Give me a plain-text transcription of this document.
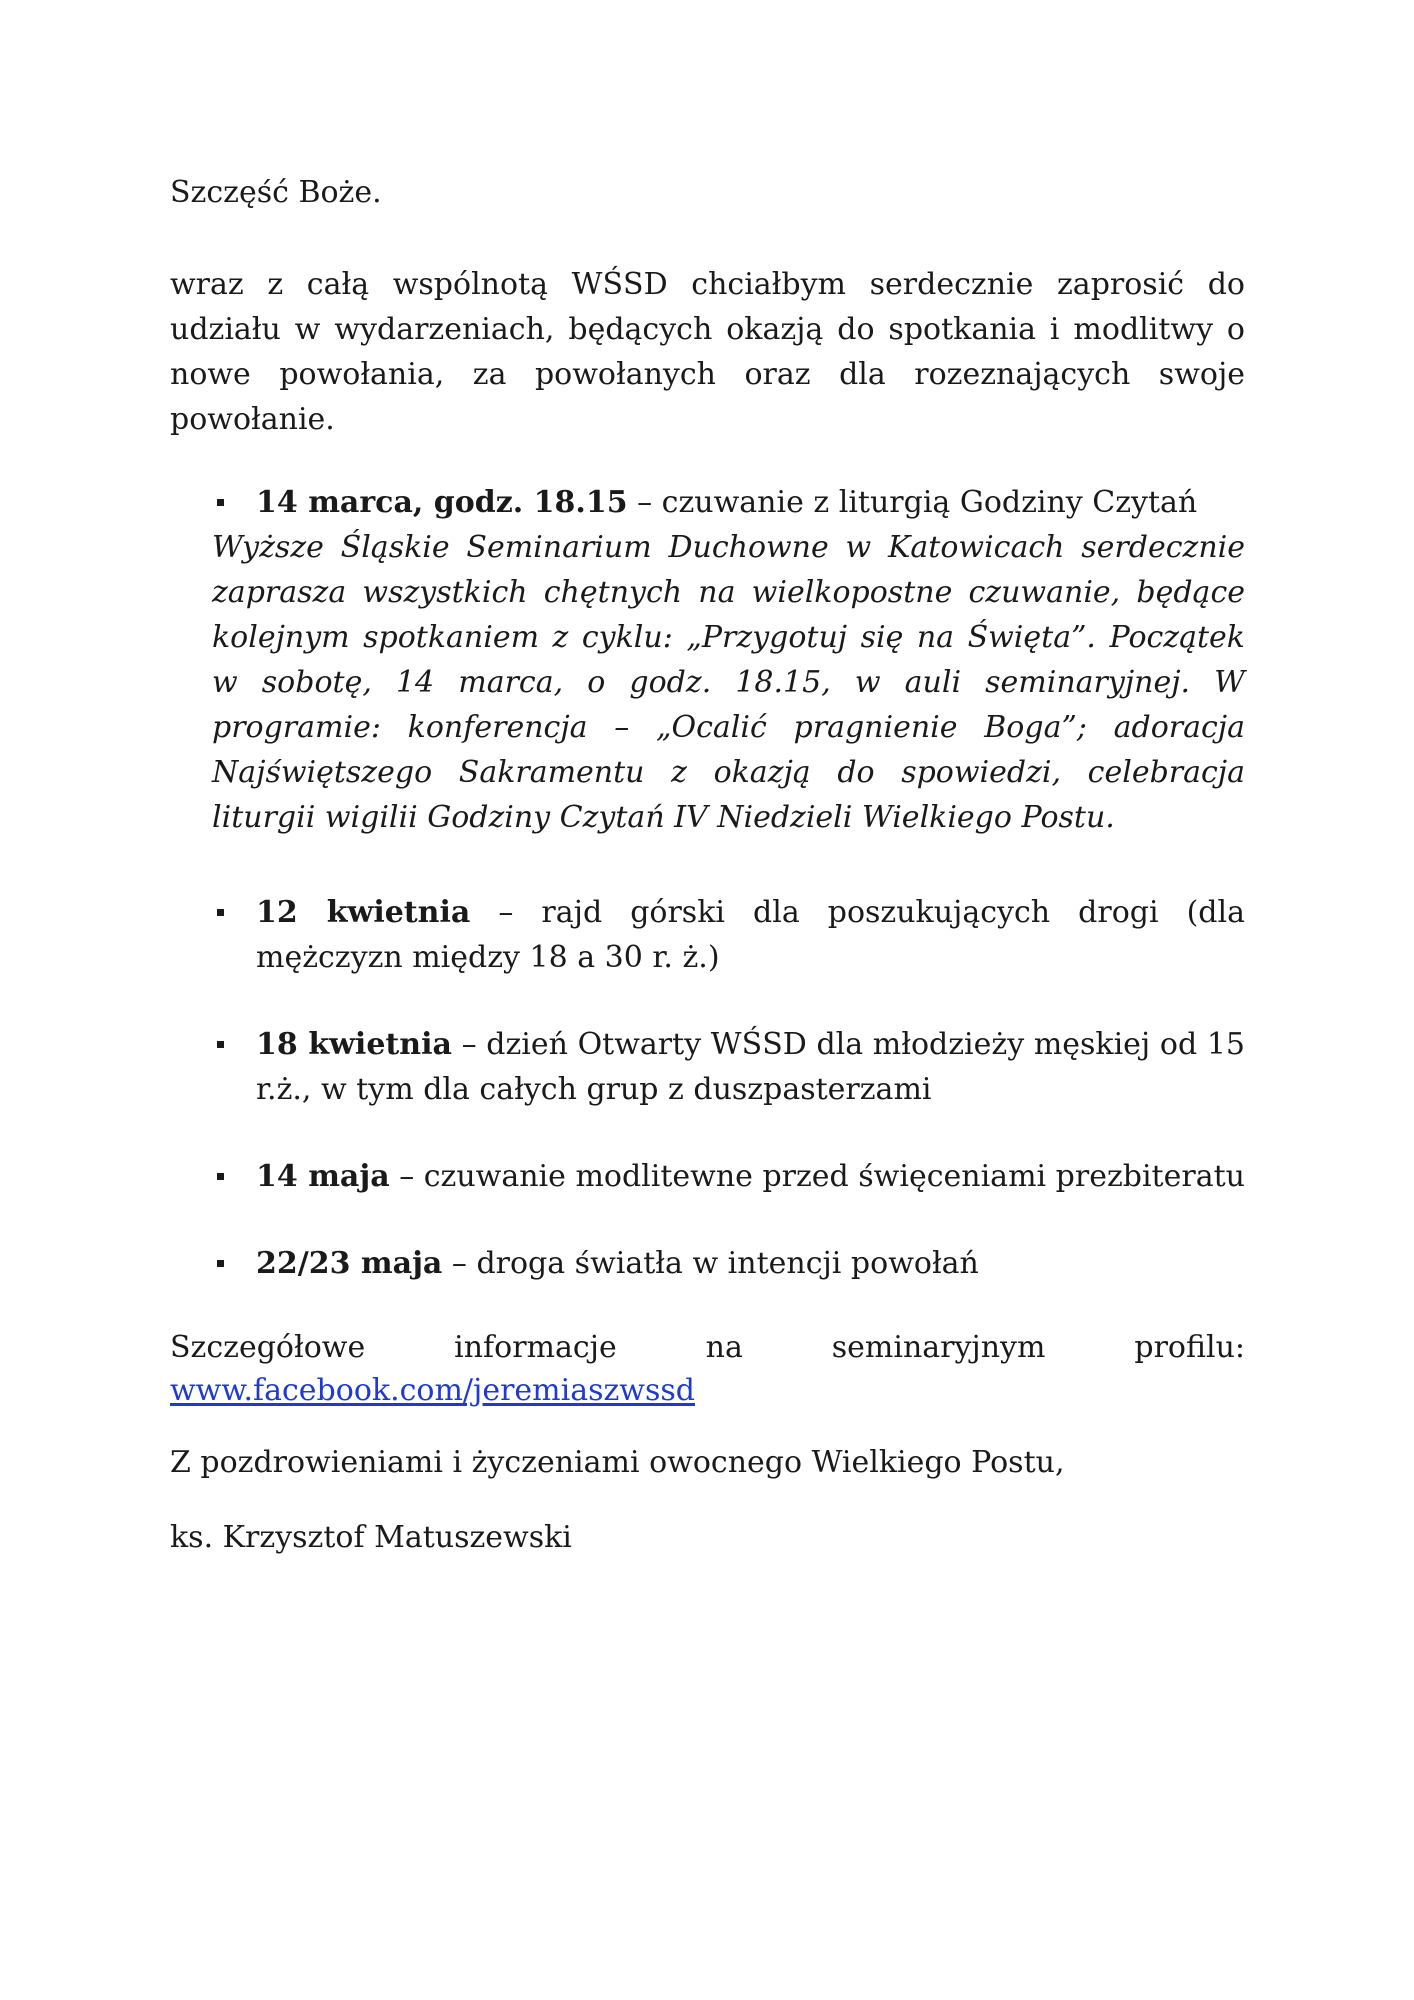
Szczęść Boże.

wraz z całą wspólnotą WŚSD chciałbym serdecznie zaprosić do udziału w wydarzeniach, będących okazją do spotkania i modlitwy o nowe powołania, za powołanych oraz dla rozeznających swoje powołanie.

14 marca, godz. 18.15 – czuwanie z liturgią Godziny Czytań

Wyższe Śląskie Seminarium Duchowne w Katowicach serdecznie zaprasza wszystkich chętnych na wielkopostne czuwanie, będące kolejnym spotkaniem z cyklu: „Przygotuj się na Święta”. Początek w sobotę, 14 marca, o godz. 18.15, w auli seminaryjnej. W programie: konferencja – „Ocalić pragnienie Boga”; adoracja Najświętszego Sakramentu z okazją do spowiedzi, celebracja liturgii wigilii Godziny Czytań IV Niedzieli Wielkiego Postu.

12 kwietnia – rajd górski dla poszukujących drogi (dla mężczyzn między 18 a 30 r. ż.)
18 kwietnia – dzień Otwarty WŚSD dla młodzieży męskiej od 15 r.ż., w tym dla całych grup z duszpasterzami
14 maja – czuwanie modlitewne przed święceniami prezbiteratu
22/23 maja – droga światła w intencji powołań

Szczegółowe informacje na seminaryjnym profilu:

www.facebook.com/jeremiaszwssd

Z pozdrowieniami i życzeniami owocnego Wielkiego Postu,

ks. Krzysztof Matuszewski
